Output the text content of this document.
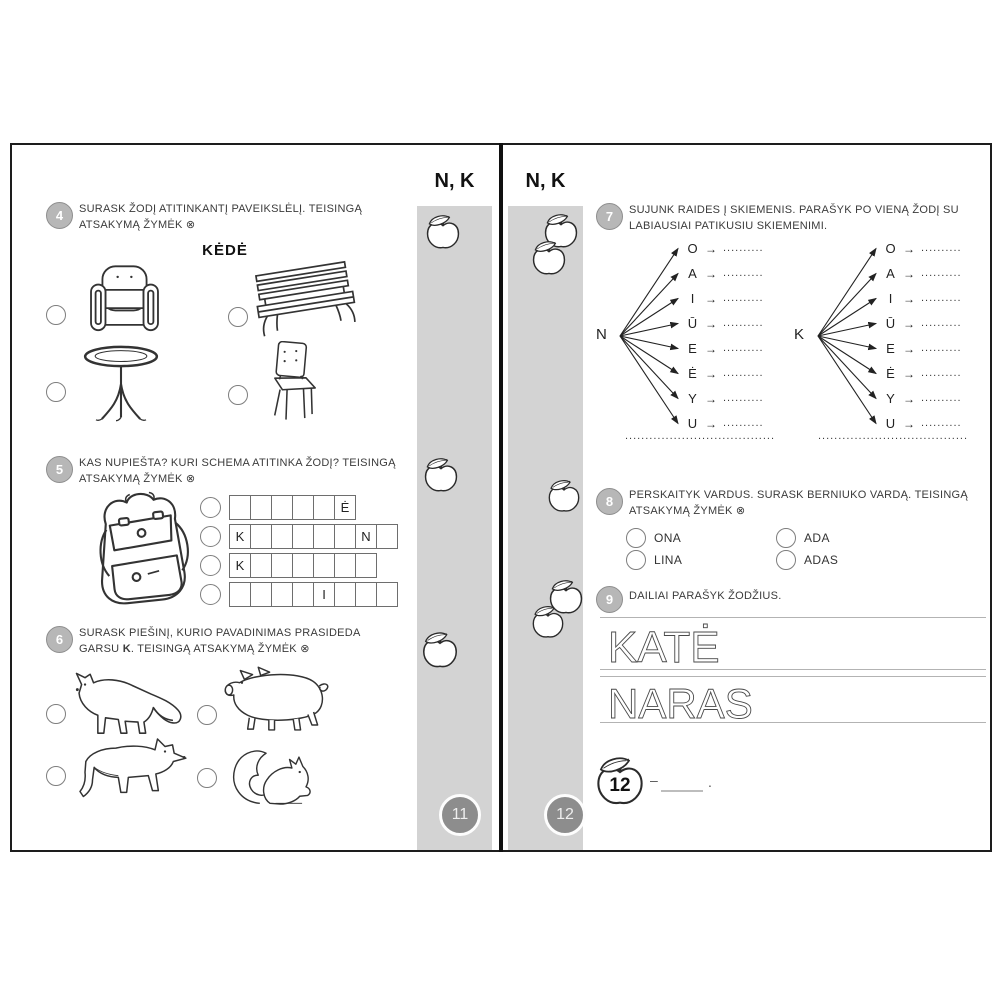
N, K	N, K
11	12
4	SURASK ŽODĮ ATITINKANTĮ PAVEIKSLĖLĮ. TEISINGĄ ATSAKYMĄ ŽYMĖK ⊗
KĖDĖ
5	KAS NUPIEŠTA? KURI SCHEMA ATITINKA ŽODĮ? TEISINGĄ ATSAKYMĄ ŽYMĖK ⊗
Ė
K	N
K
I
6	SURASK PIEŠINĮ, KURIO PAVADINIMAS PRASIDEDA GARSU K. TEISINGĄ ATSAKYMĄ ŽYMĖK ⊗
7	SUJUNK RAIDES Į SKIEMENIS. PARAŠYK PO VIENĄ ŽODĮ SU LABIAUSIAI PATIKUSIU SKIEMENIMI.
N
O → ..........
A → ..........
I → ..........
Ū → ..........
E → ..........
Ė → ..........
Y → ..........
U → ..........
K
O → ..........
A → ..........
I → ..........
Ū → ..........
E → ..........
Ė → ..........
Y → ..........
U → ..........
.....................................	.....................................
8	PERSKAITYK VARDUS. SURASK BERNIUKO VARDĄ. TEISINGĄ ATSAKYMĄ ŽYMĖK ⊗
ONA
LINA
ADA
ADAS
9	DAILIAI PARAŠYK ŽODŽIUS.
KATĖ
NARAS
12	–	.
